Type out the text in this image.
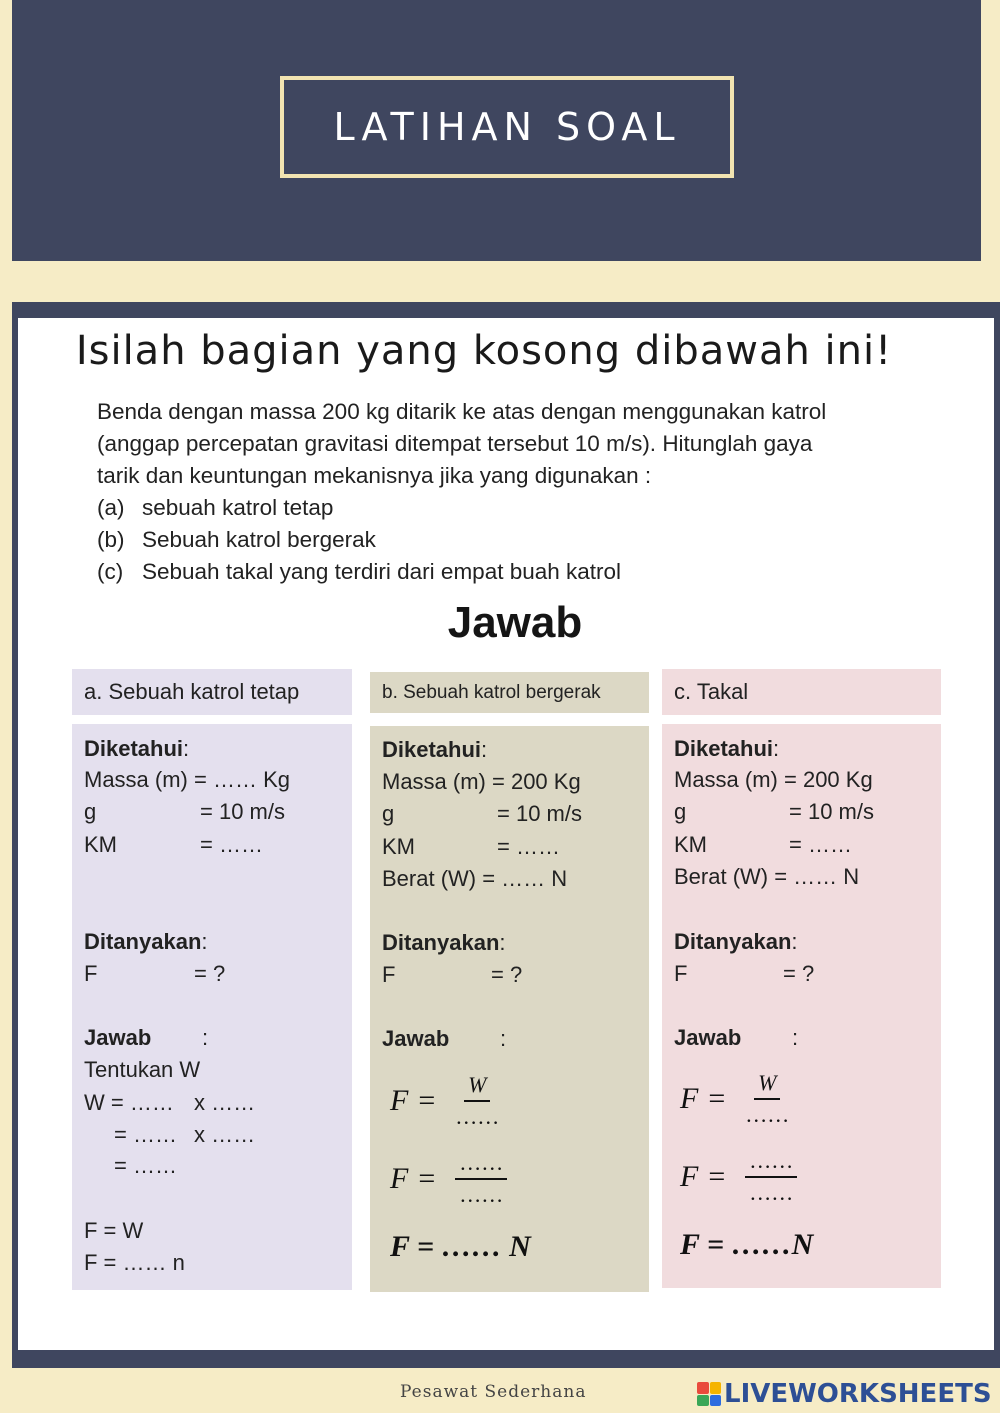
LATIHAN SOAL
Isilah bagian yang kosong dibawah ini!
Benda dengan massa 200 kg ditarik ke atas dengan menggunakan katrol
(anggap percepatan gravitasi ditempat tersebut 10 m/s). Hitunglah gaya
tarik dan keuntungan mekanisnya jika yang digunakan :
(a) sebuah katrol tetap
(b) Sebuah katrol bergerak
(c) Sebuah takal yang terdiri dari empat buah katrol
Jawab
a. Sebuah katrol tetap
Diketahui:
Massa (m) = …… Kg
g	= 10 m/s
KM	= ……
Ditanyakan:
F	= ?
Jawab :
Tentukan W
W = …… x ……
= …… x ……
= ……
F = W
F = …… n
b. Sebuah katrol bergerak
Diketahui:
Massa (m) = 200 Kg
g	= 10 m/s
KM	= ……
Berat (W) = …… N
Ditanyakan:
F	= ?
Jawab :
$F = \frac{W}{\dots\dots}$
$F = \frac{\dots\dots}{\dots\dots}$
F = …… N
c. Takal
Diketahui:
Massa (m) = 200 Kg
g	= 10 m/s
KM	= ……
Berat (W) = …… N
Ditanyakan:
F	= ?
Jawab :
$F = \frac{W}{\dots\dots}$
$F = \frac{\dots\dots}{\dots\dots}$
F = ……N
Pesawat Sederhana	LIVEWORKSHEETS
